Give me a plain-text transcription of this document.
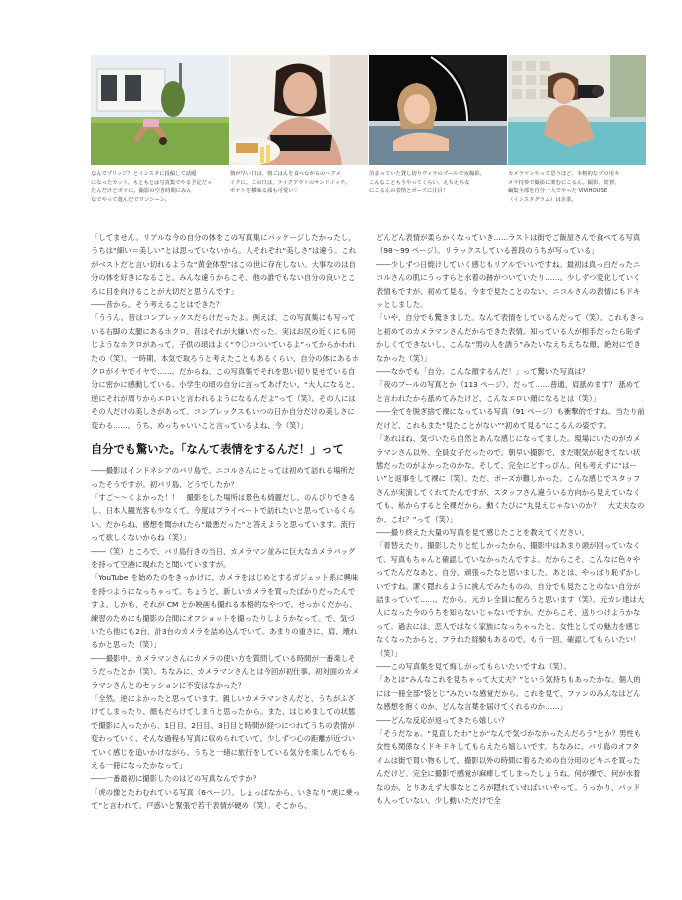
なんでブリッジ？とインスタに投稿して話題
になったカット。もともとは写真集でやる予定だっ
たんだけどボツに。撮影の空き時間にみん
なでやって遊んだでワンシーン。
朝が早い日は、朝ごはんを食べながらのヘアメ
イクに。この日は、テイクアウトのサンドイッチ。
ポテトを横味る顔も可愛い♡
泊まっていた貸し切りヴィラのプールで夜撮影。
こんなこともうやってくらい、えちえちな
にこるんの表情とポーズに注目！
カメラマンやって思うほど、本格的なプロ用カ
メラ持参で撮影に楽むにこるん。撮影、監督、
編集全部を自分一人でやった ViViHOUSE
（インスタグラム）は企業。

「してません。リアルな今の自分の体をこの写真集にパッケージしたかったし，うちは“細い＝美しい”とは思っていないから。人それぞれ“美しさ”は違う。これがベストだと言い切れるような“黄金体型”はこの世に存在しない。大事なのは自分の体を好きになること。みんな違うからこそ、他の誰でもない自分の良いところに目を向けることが大切だと思うんです」

――昔から、そう考えることはできた？

「ううん、昔はコンプレックスだらけだったよ。例えば、この写真集にも写っている右脚の太腿にあるホクロ。昔はそれが大嫌いだった。実はお尻の近くにも同じようなホクロがあって。子供の頃はよく“ウ〇コついているよ”ってからかわれたの（笑）。一時期、本気で取ろうと考えたこともあるくらい、自分の体にあるホクロがイヤでイヤで……。だからね、この写真集でそれを思い切り見せている自分に密かに感動している。小学生の頃の自分に言ってあげたい。“大人になると、逆にそれが周りからエロいと言われるようになるんだよ”って（笑）。その人にはその人だけの美しさがあって、コンプレックスもいつの日か自分だけの美しさに変わる……。うち、めっちゃいいこと言っているよね、今（笑）」

自分でも驚いた。「なんて表情をするんだ！」って

――撮影はインドネシアのバリ島で。ニコルさんにとっては初めて訪れる場所だったそうですが。初バリ島、どうでしたか？

「すご〜〜くよかった！！　撮影をした場所は景色も綺麗だし、のんびりできるし、日本人観光客も少なくて。今度はプライベートで訪れたいと思っているくらい。だからね、感想を聞かれたら“最悪だった”と答えようと思っています。流行って欲しくないからね（笑）」

――（笑）ところで、バリ島行きの当日、カメラマン並みに巨大なカメラバッグを持って空港に現れたと聞いていますが。

「YouTube を始めたのをきっかけに、カメラをはじめとするガジェット系に興味を持つようになっちゃって。ちょうど、新しいカメラを買ったばかりだったんですよ。しかも、それが CM とか映画も撮れる本格的なやつで。せっかくだから、練習のためにも撮影の合間にオフショットを撮ったりしようかなって。で、気づいたら他にも2台、計3台のカメラを詰め込んでいて。あまりの重さに、肩、壊れるかと思った（笑）」

――撮影中、カメラマンさんにカメラの使い方を質問している時間が一番楽しそうだったとか（笑）。ちなみに、カメラマンさんとは今回が初仕事。初対面のカメラマンさんとのセッションに不安はなかった？

「全然。逆によかったと思っています。親しいカメラマンさんだと、うちがふざけてしまったり、顔もだらけてしまうと思ったから。また、はじめましての状態で撮影に入ったから、1日目、2日目、3日目と時間が経つにつれてうちの表情が変わっていく、そんな過程も写真に収められていて。少しずつ心の距離が近づいていく感じを追いかけながら、うちと一緒に旅行をしている気分を楽しんでもらえる一冊になったかなって」

――一番最初に撮影したのはどの写真なんですか？

「虎の像とたわむれている写真（6ページ）。しょっぱなから、いきなり“虎に乗って”と言われて。戸惑いと緊張で若干表情が硬め（笑）。そこから、

どんどん表情が柔らかくなっていき……ラストは街でご飯屋さんで食べてる写真（98〜99 ページ）。リラックスしている普段のうちが写っている」

――少しずつ日焼けしていく感じもリアルでいいですね。最初は真っ白だったニコルさんの肌にうっすらと水着の跡がついていたり……。少しずつ変化していく表情もですが、初めて見る、今まで見たことのない、ニコルさんの表情にもドキッとしました。

「いや、自分でも驚きました。なんて表情をしているんだって（笑）。これもきっと初めてのカメラマンさんだからできた表情。知っている人が相手だったら恥ずかしくてできないし、こんな“男の人を誘う”みたいなえちえちな顔、絶対にできなかった（笑）」

――なかでも「自分、こんな顔するんだ！」って驚いた写真は？

「夜のプールの写真とか（113 ページ）。だって……普通、肩舐めます？ 舐めてと言われたから舐めてみたけど、こんなエロい顔になるとは（笑）」

――全てを脱ぎ捨て裸になっている写真（91 ページ）も衝撃的ですね。当たり前だけど、これもまた“見たことがない”“初めて見る”にこるんの姿です。

「あれはね、気づいたら自然とあんな感じになってました。現場にいたのがカメラマンさん以外、全員女子だったので。朝早い撮影で、まだ眠気が起きてない状態だったのがよかったのかな。そして、完全にどすっぴん。何も考えずに“はーい”と返事をして裸に（笑）。ただ、ポーズが難しかった。こんな感じでスタッフさんが実演してくれてたんですが、スタッフさん違ういる方向から見えていなくても、私からすると全裸だから。動くたびに“丸見えじゃないのか？　大丈夫なのか、これ？”って（笑）」

――撮り終えた大量の写真を見て感じたことを教えてください。

「着替えたり、撮影したりと忙しかったから、撮影中はあまり頭が回っていなくて、写真もちゃんと確認していなかったんですよ。だからこそ、こんなに色々やってたんだなあと。自分、頑張ったなと思いました。あとは、やっぱり恥ずかしいですね。潔く隠れるように挑んでみたものの、自分でも見たことのない自分が詰まっていて……。だから、元カレ全員に配ろうと思います（笑）。元カレ達は大人になった今のうちを知らないじゃないですか。だからこそ、送りつけようかなって。過去には、恋人ではなく家族になっちゃったと、女性としての魅力を感じなくなったからと、フラれた経験もあるので。もう一回、確認してもらいたい！（笑）」

――この写真集を見て悔しがってもらいたいですね（笑）。

「あとは“みんなこれを見ちゃって大丈夫？”という気持ちもあったかな。個人的には一冊全部“袋とじ”みたいな感覚だから。これを見て、ファンのみんなはどんな感想を抱くのか、どんな言葉を届けてくれるのか……」

――どんな反応が返ってきたら嬉しい？

「そうだなぁ。“見直したわ”とか“なんで気づかなかったんだろう”とか？男性も女性も関係なくドキドキしてもらえたら嬉しいです。ちなみに、バリ島のオフタイムは街で買い物もして、撮影以外の時間に着るための自分用のビキニを買ったんだけど。完全に撮影で感覚が麻痺してしまったしょうね。何が裸で、何が水着なのか、とりあえず大事なところが隠れていればいいやって。うっかり、パッドも入っていない、少し動いただけで全
